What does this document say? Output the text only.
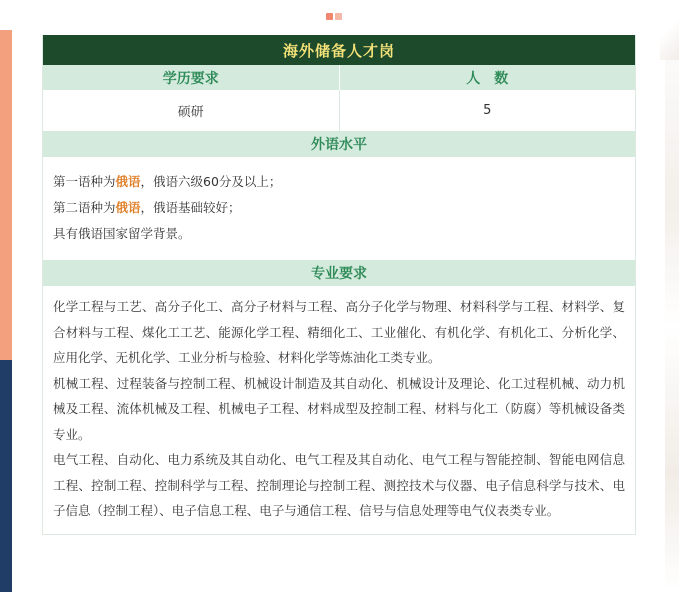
海外储备人才岗
学历要求	人　数
硕研	5
外语水平
第一语种为俄语，俄语六级60分及以上；
第二语种为俄语，俄语基础较好；
具有俄语国家留学背景。
专业要求

化学工程与工艺、高分子化工、高分子材料与工程、高分子化学与物理、材料科学与工程、材料学、复合材料与工程、煤化工工艺、能源化学工程、精细化工、工业催化、有机化学、有机化工、分析化学、应用化学、无机化学、工业分析与检验、材料化学等炼油化工类专业。

机械工程、过程装备与控制工程、机械设计制造及其自动化、机械设计及理论、化工过程机械、动力机械及工程、流体机械及工程、机械电子工程、材料成型及控制工程、材料与化工（防腐）等机械设备类专业。

电气工程、自动化、电力系统及其自动化、电气工程及其自动化、电气工程与智能控制、智能电网信息工程、控制工程、控制科学与工程、控制理论与控制工程、测控技术与仪器、电子信息科学与技术、电子信息（控制工程）、电子信息工程、电子与通信工程、信号与信息处理等电气仪表类专业。
